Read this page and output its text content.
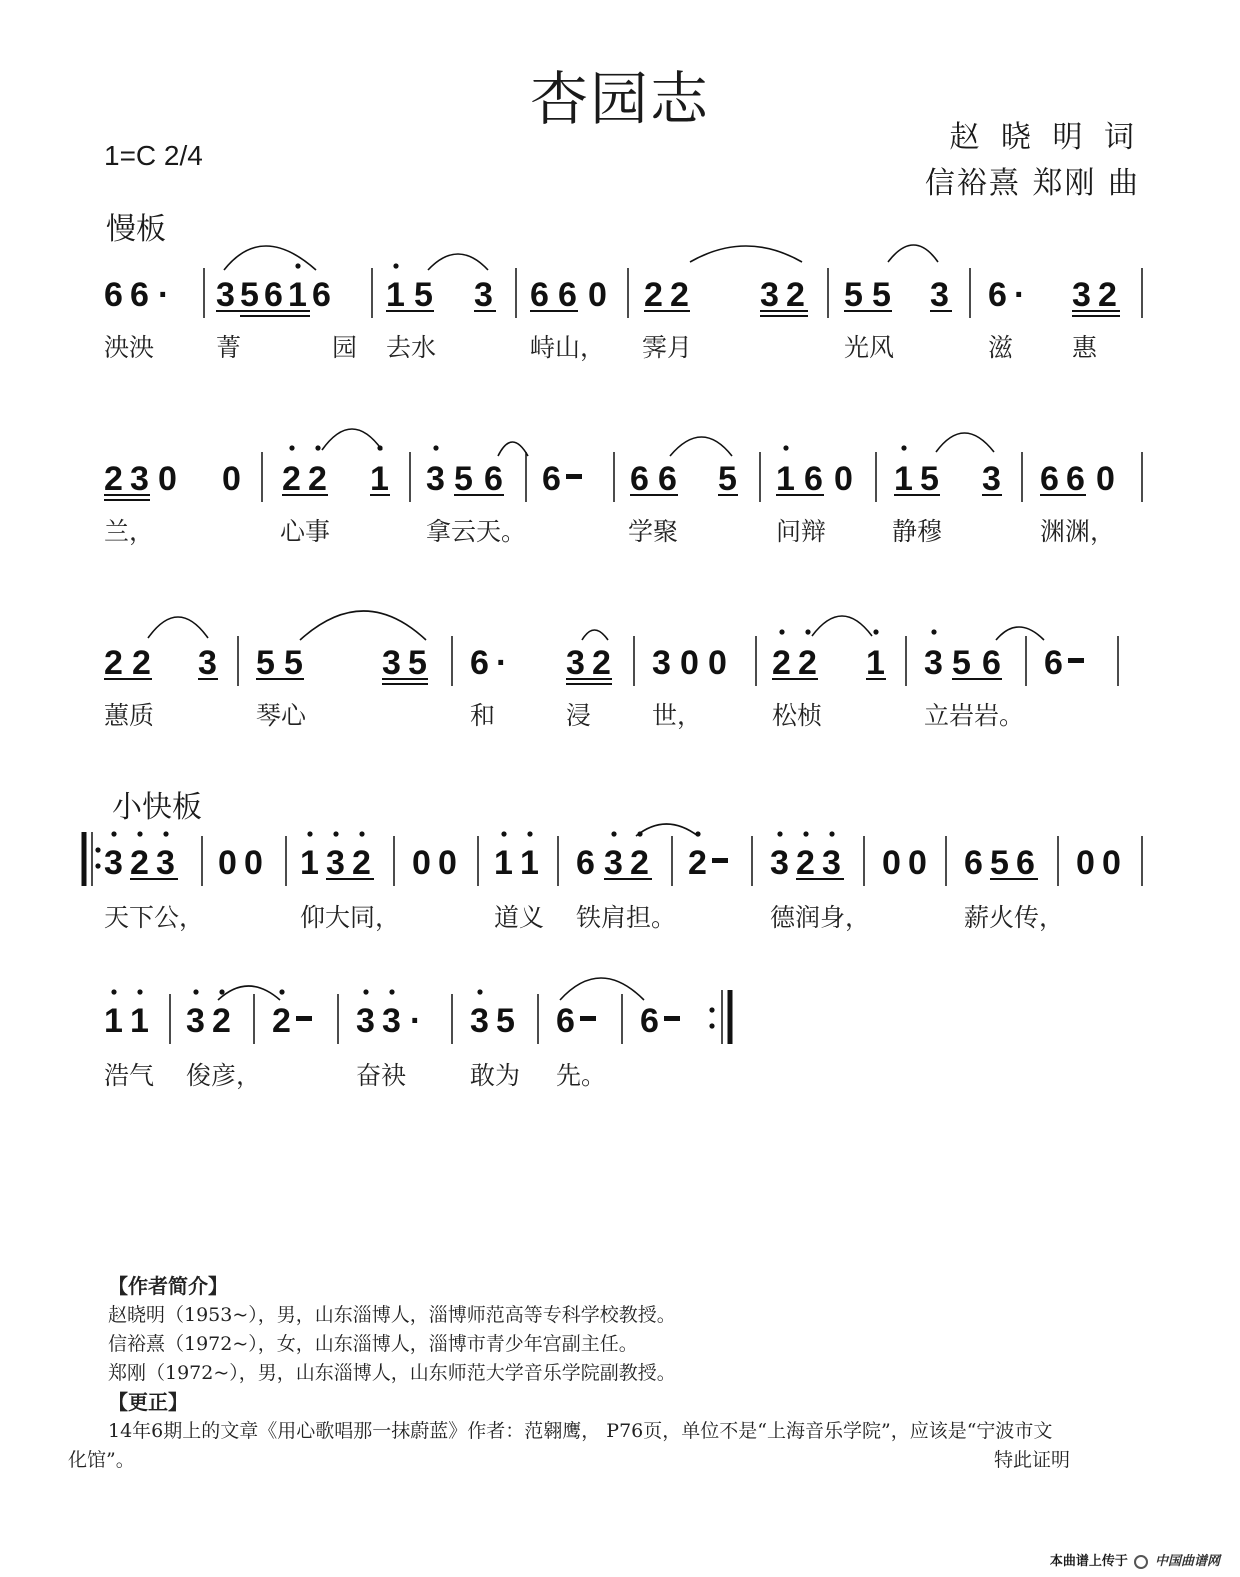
杏园志
赵 晓 明 词
信裕熹 郑刚 曲
1=C 2/4
慢板
小快板
6 6 · 3 5 6 1 6 1 5 3 6 6 0 2 2 3 2 5 5 3 6 · 3 2
泱泱 菁	园 去水	峙山， 霁月	光风	滋 惠
2 3 0 0 2 2 1 3 5 6 6 6 6 5 1 6 0 1 5 3 6 6 0
兰，	心事	拿云天。	学聚	问辩	静穆	渊渊，
2 2 3 5 5 3 5 6 · 3 2 3 0 0 2 2 1 3 5 6 6
蕙质	琴心	和	浸 世，	松桢	立岩岩。
3 2 3 0 0 1 3 2 0 0 1 1 6 3 2 2 3 2 3 0 0 6 5 6 0 0
天下公，	仰大同，	道义 铁肩担。	德润身，	薪火传，
1 1 3 2 2 3 3 · 3 5 6 6
浩气 俊彦，	奋袂	敢为 先。
6
【作者简介】
赵晓明（1953~），男，山东淄博人，淄博师范高等专科学校教授。
信裕熹（1972~），女，山东淄博人，淄博市青少年宫副主任。
郑刚（1972~），男，山东淄博人，山东师范大学音乐学院副教授。
【更正】
14年6期上的文章《用心歌唱那一抹蔚蓝》作者：范翱鹰， P76页，单位不是“上海音乐学院”，应该是“宁波市文
化馆”。	特此证明
本曲谱上传于 中国曲谱网
